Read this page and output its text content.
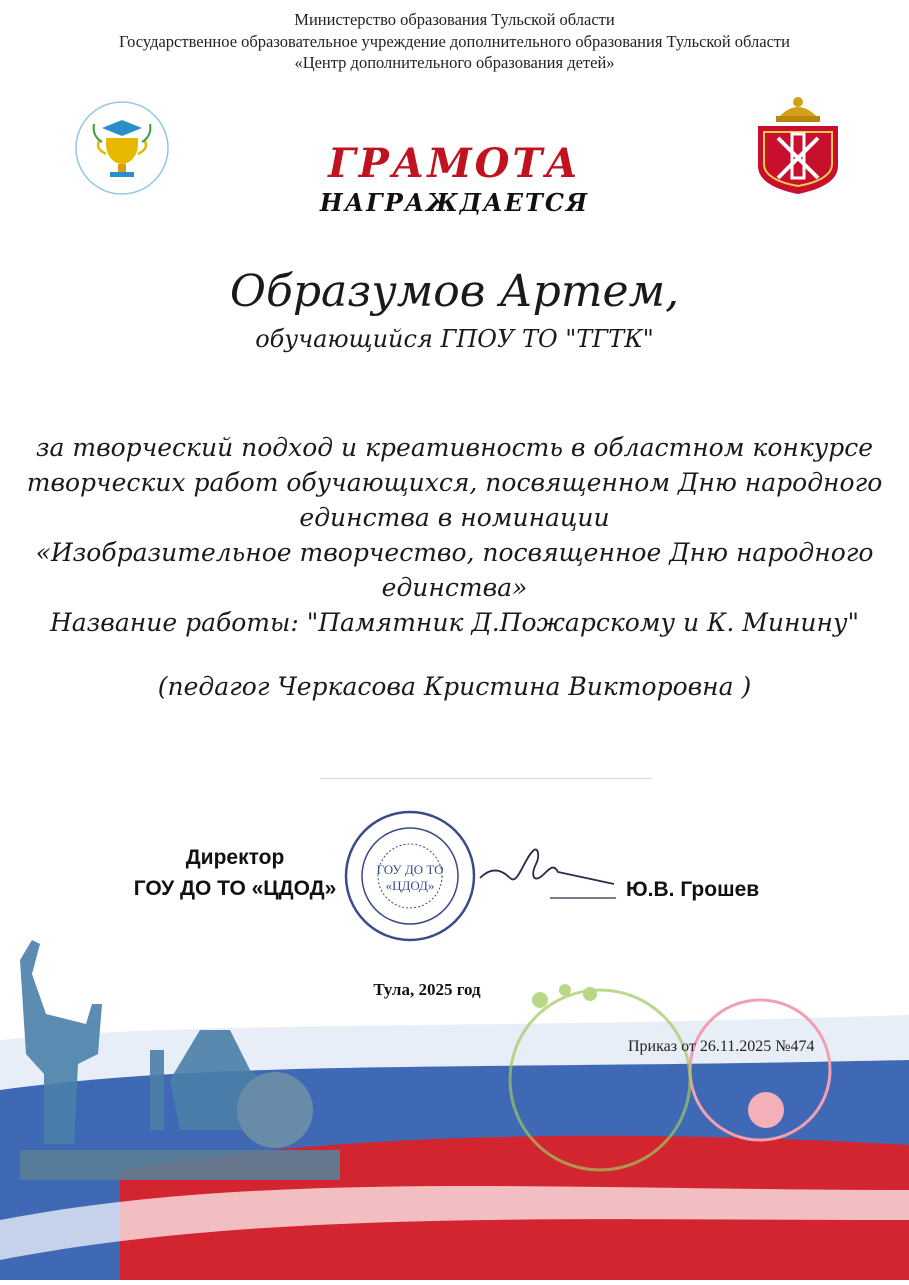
Министерство образования Тульской области
Государственное образовательное учреждение дополнительного образования Тульской области
«Центр дополнительного образования детей»
ГРАМОТА
НАГРАЖДАЕТСЯ
Образумов Артем,
обучающийся ГПОУ ТО "ТГТК"
за творческий подход и креативность в областном конкурсе
творческих работ обучающихся, посвященном Дню народного
единства в номинации
«Изобразительное творчество, посвященное Дню народного
единства»
Название работы: "Памятник Д.Пожарскому и К. Минину"
(педагог Черкасова Кристина Викторовна )
Директор
ГОУ ДО ТО «ЦДОД»
ГОУ ДО ТО
«ЦДОД»	Ю.В. Грошев
Тула, 2025 год
Приказ от 26.11.2025 №474
